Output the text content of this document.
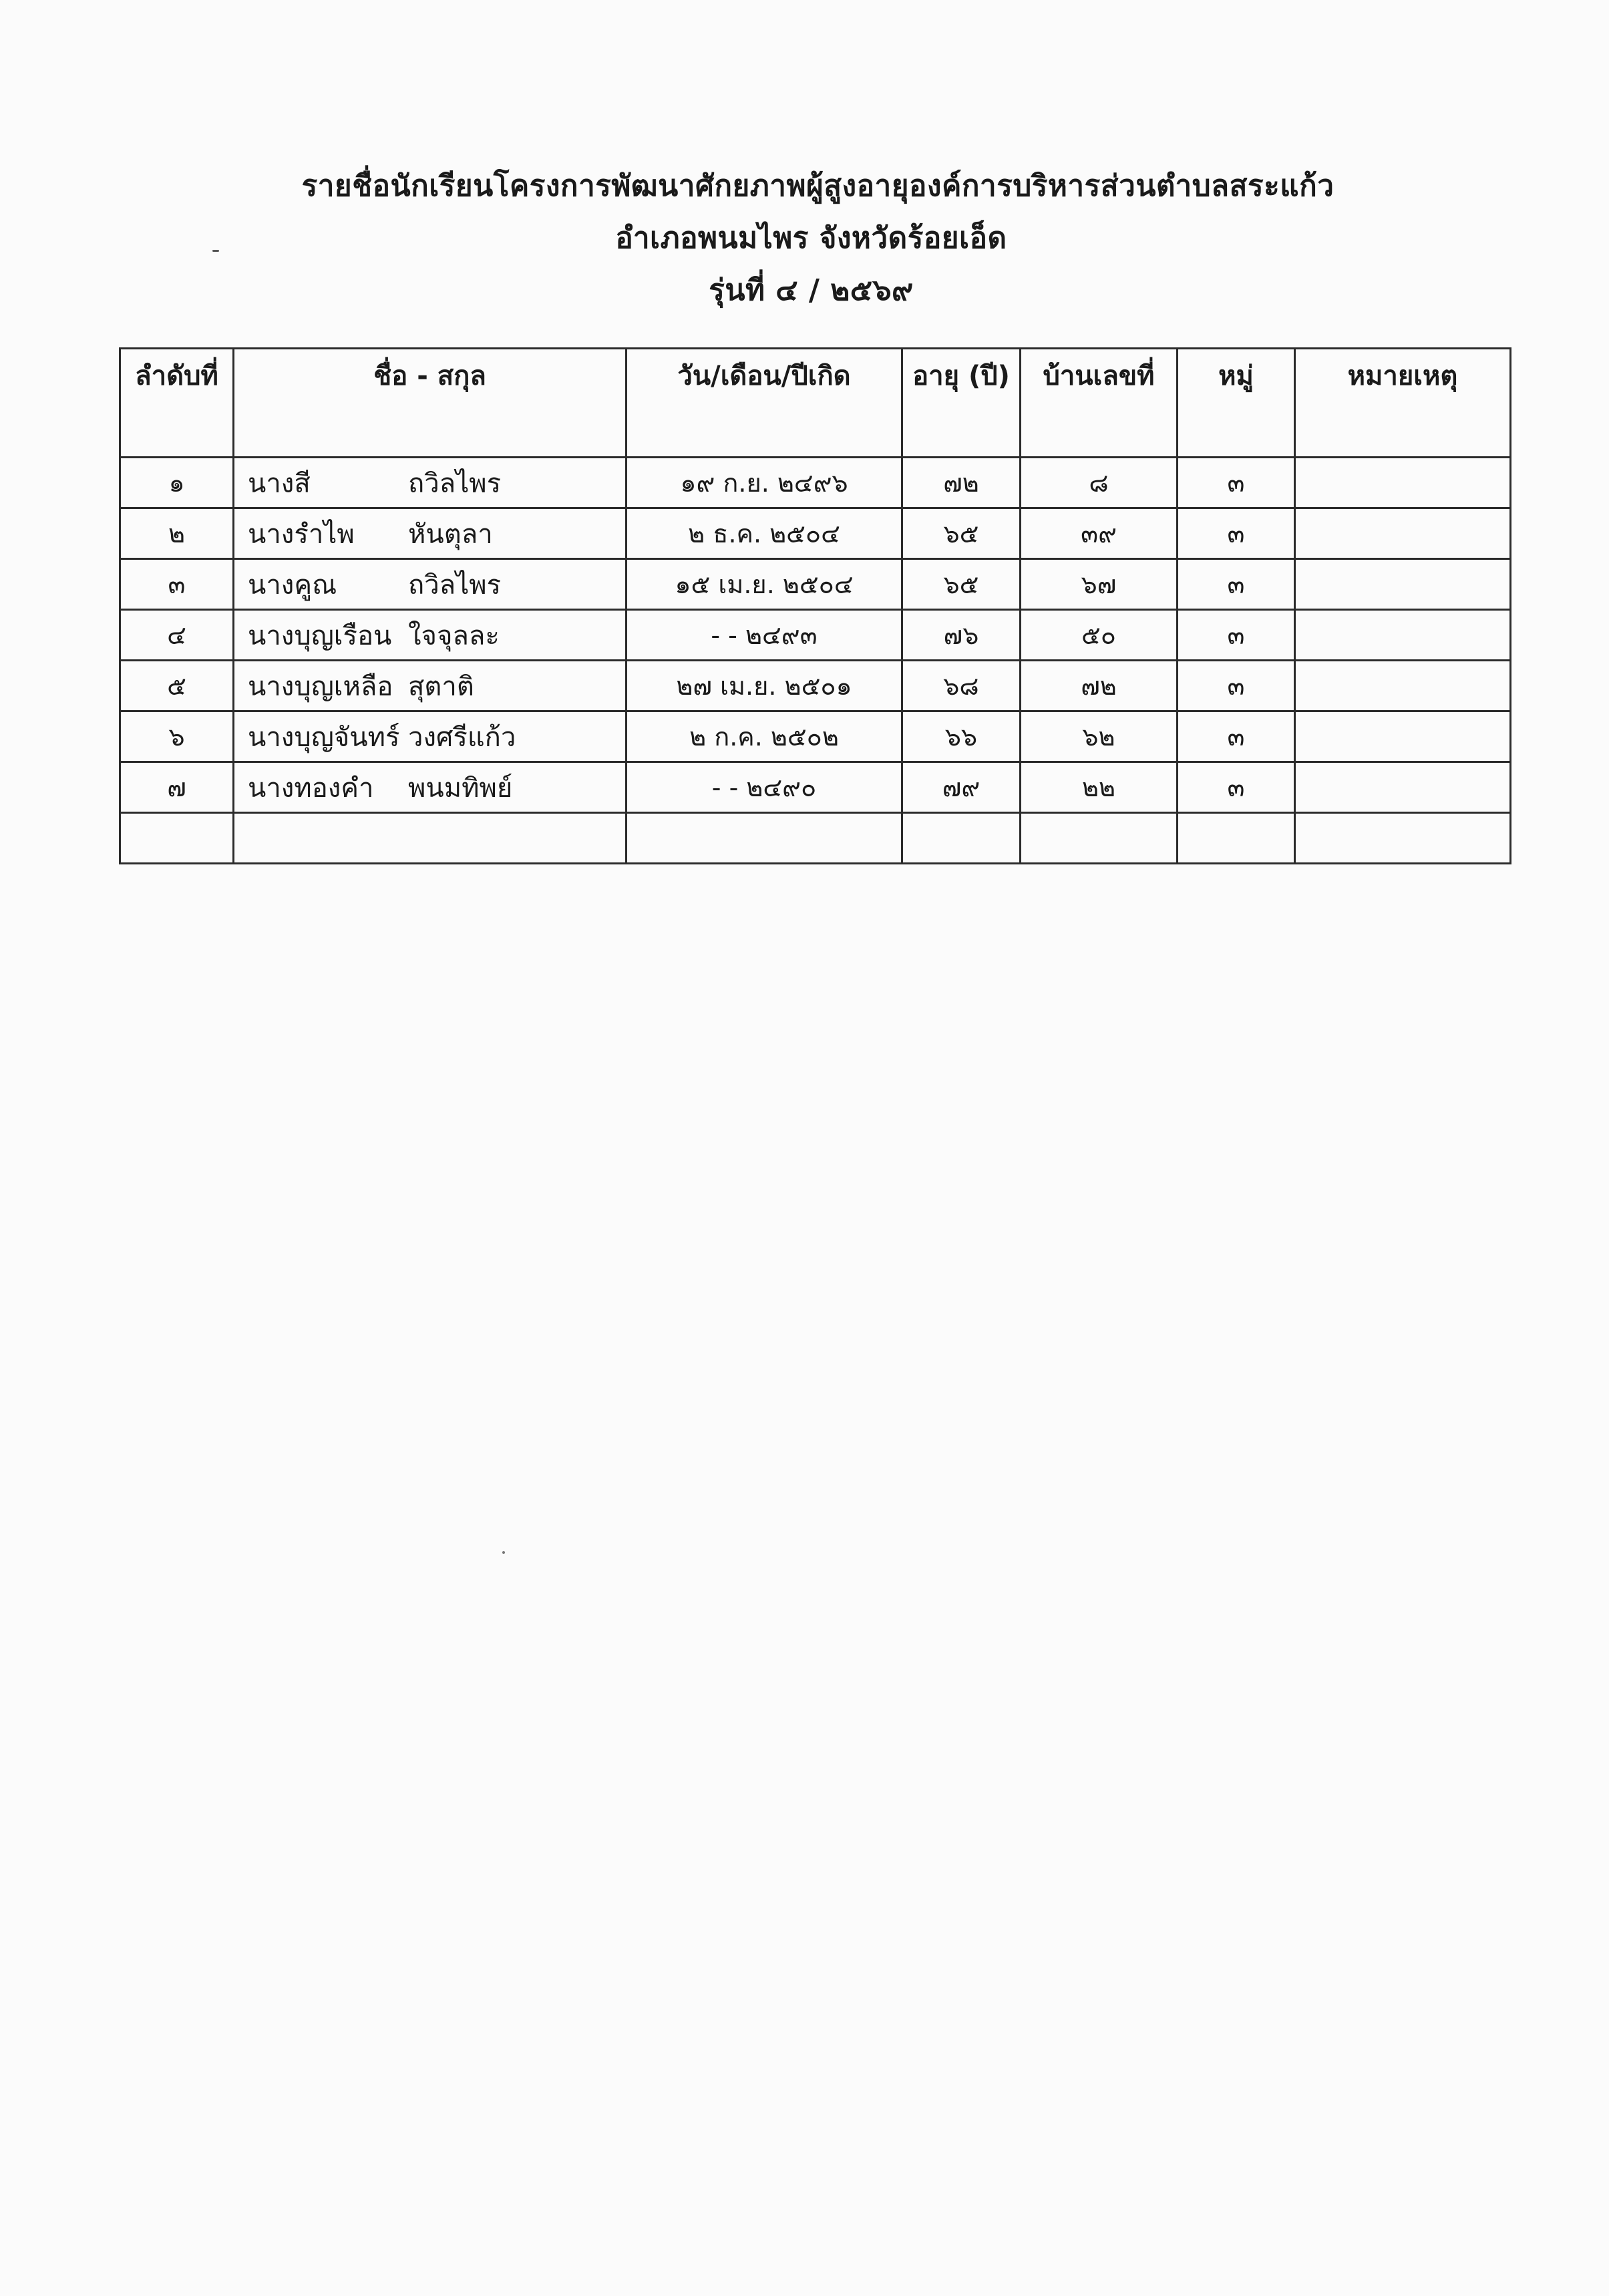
รายชื่อนักเรียนโครงการพัฒนาศักยภาพผู้สูงอายุองค์การบริหารส่วนตำบลสระแก้ว
อำเภอพนมไพร จังหวัดร้อยเอ็ด
รุ่นที่ ๔ / ๒๕๖๙
ลำดับที่	ชื่อ - สกุล	วัน/เดือน/ปีเกิด	อายุ (ปี)	บ้านเลขที่	หมู่	หมายเหตุ
๑	นางสี ถวิลไพร	๑๙ ก.ย. ๒๔๙๖	๗๒	๘	๓	
๒	นางรำไพ หันตุลา	๒ ธ.ค. ๒๕๐๔	๖๕	๓๙	๓	
๓	นางคูณ ถวิลไพร	๑๕ เม.ย. ๒๕๐๔	๖๕	๖๗	๓	
๔	นางบุญเรือน ใจจุลละ	- - ๒๔๙๓	๗๖	๕๐	๓	
๕	นางบุญเหลือ สุตาติ	๒๗ เม.ย. ๒๕๐๑	๖๘	๗๒	๓	
๖	นางบุญจันทร์ วงศรีแก้ว	๒ ก.ค. ๒๕๐๒	๖๖	๖๒	๓	
๗	นางทองคำ พนมทิพย์	- - ๒๔๙๐	๗๙	๒๒	๓	
